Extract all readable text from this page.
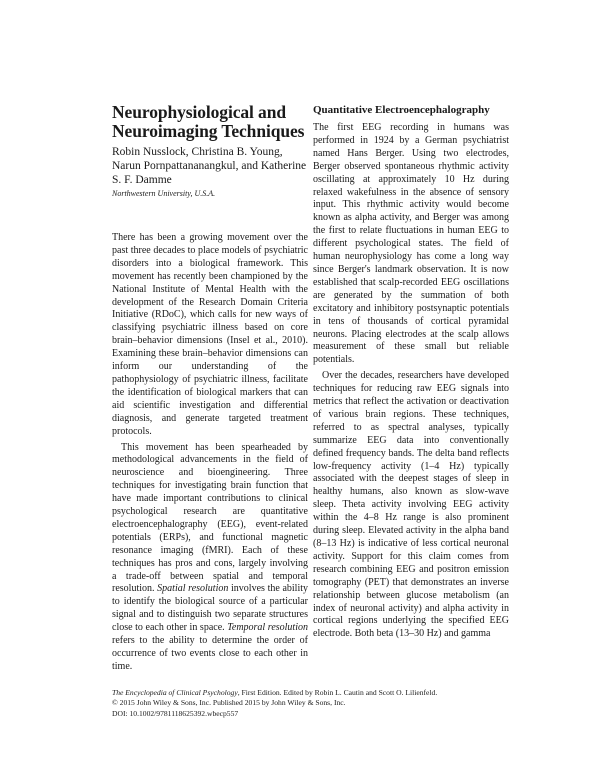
Neurophysiological and Neuroimaging Techniques
Robin Nusslock, Christina B. Young, Narun Pornpattananangkul, and Katherine S. F. Damme
Northwestern University, U.S.A.

There has been a growing movement over the past three decades to place models of psychiatric disorders into a biological framework. This movement has recently been championed by the National Institute of Mental Health with the development of the Research Domain Criteria Initiative (RDoC), which calls for new ways of classifying psychiatric illness based on core brain–behavior dimensions (Insel et al., 2010). Examining these brain–behavior dimensions can inform our understanding of the pathophysiology of psychiatric illness, facilitate the identification of biological markers that can aid scientific investigation and differential diagnosis, and generate targeted treatment protocols.

This movement has been spearheaded by methodological advancements in the field of neuroscience and bioengineering. Three techniques for investigating brain function that have made important contributions to clinical psychological research are quantitative electroencephalography (EEG), event-related potentials (ERPs), and functional magnetic resonance imaging (fMRI). Each of these techniques has pros and cons, largely involving a trade-off between spatial and temporal resolution. Spatial resolution involves the ability to identify the biological source of a particular signal and to distinguish two separate structures close to each other in space. Temporal resolution refers to the ability to determine the order of occurrence of two events close to each other in time.

Quantitative Electroencephalography

The first EEG recording in humans was performed in 1924 by a German psychiatrist named Hans Berger. Using two electrodes, Berger observed spontaneous rhythmic activity oscillating at approximately 10 Hz during relaxed wakefulness in the absence of sensory input. This rhythmic activity would become known as alpha activity, and Berger was among the first to relate fluctuations in human EEG to different psychological states. The field of human neurophysiology has come a long way since Berger's landmark observation. It is now established that scalp-recorded EEG oscillations are generated by the summation of both excitatory and inhibitory postsynaptic potentials in tens of thousands of cortical pyramidal neurons. Placing electrodes at the scalp allows measurement of these small but reliable potentials.

Over the decades, researchers have developed techniques for reducing raw EEG signals into metrics that reflect the activation or deactivation of various brain regions. These techniques, referred to as spectral analyses, typically summarize EEG data into conventionally defined frequency bands. The delta band reflects low-frequency activity (1–4 Hz) typically associated with the deepest stages of sleep in healthy humans, also known as slow-wave sleep. Theta activity involving EEG activity within the 4–8 Hz range is also prominent during sleep. Elevated activity in the alpha band (8–13 Hz) is indicative of less cortical neuronal activity. Support for this claim comes from research combining EEG and positron emission tomography (PET) that demonstrates an inverse relationship between glucose metabolism (an index of neuronal activity) and alpha activity in cortical regions underlying the specified EEG electrode. Both beta (13–30 Hz) and gamma

The Encyclopedia of Clinical Psychology, First Edition. Edited by Robin L. Cautin and Scott O. Lilienfeld.
© 2015 John Wiley & Sons, Inc. Published 2015 by John Wiley & Sons, Inc.
DOI: 10.1002/9781118625392.wbecp557
